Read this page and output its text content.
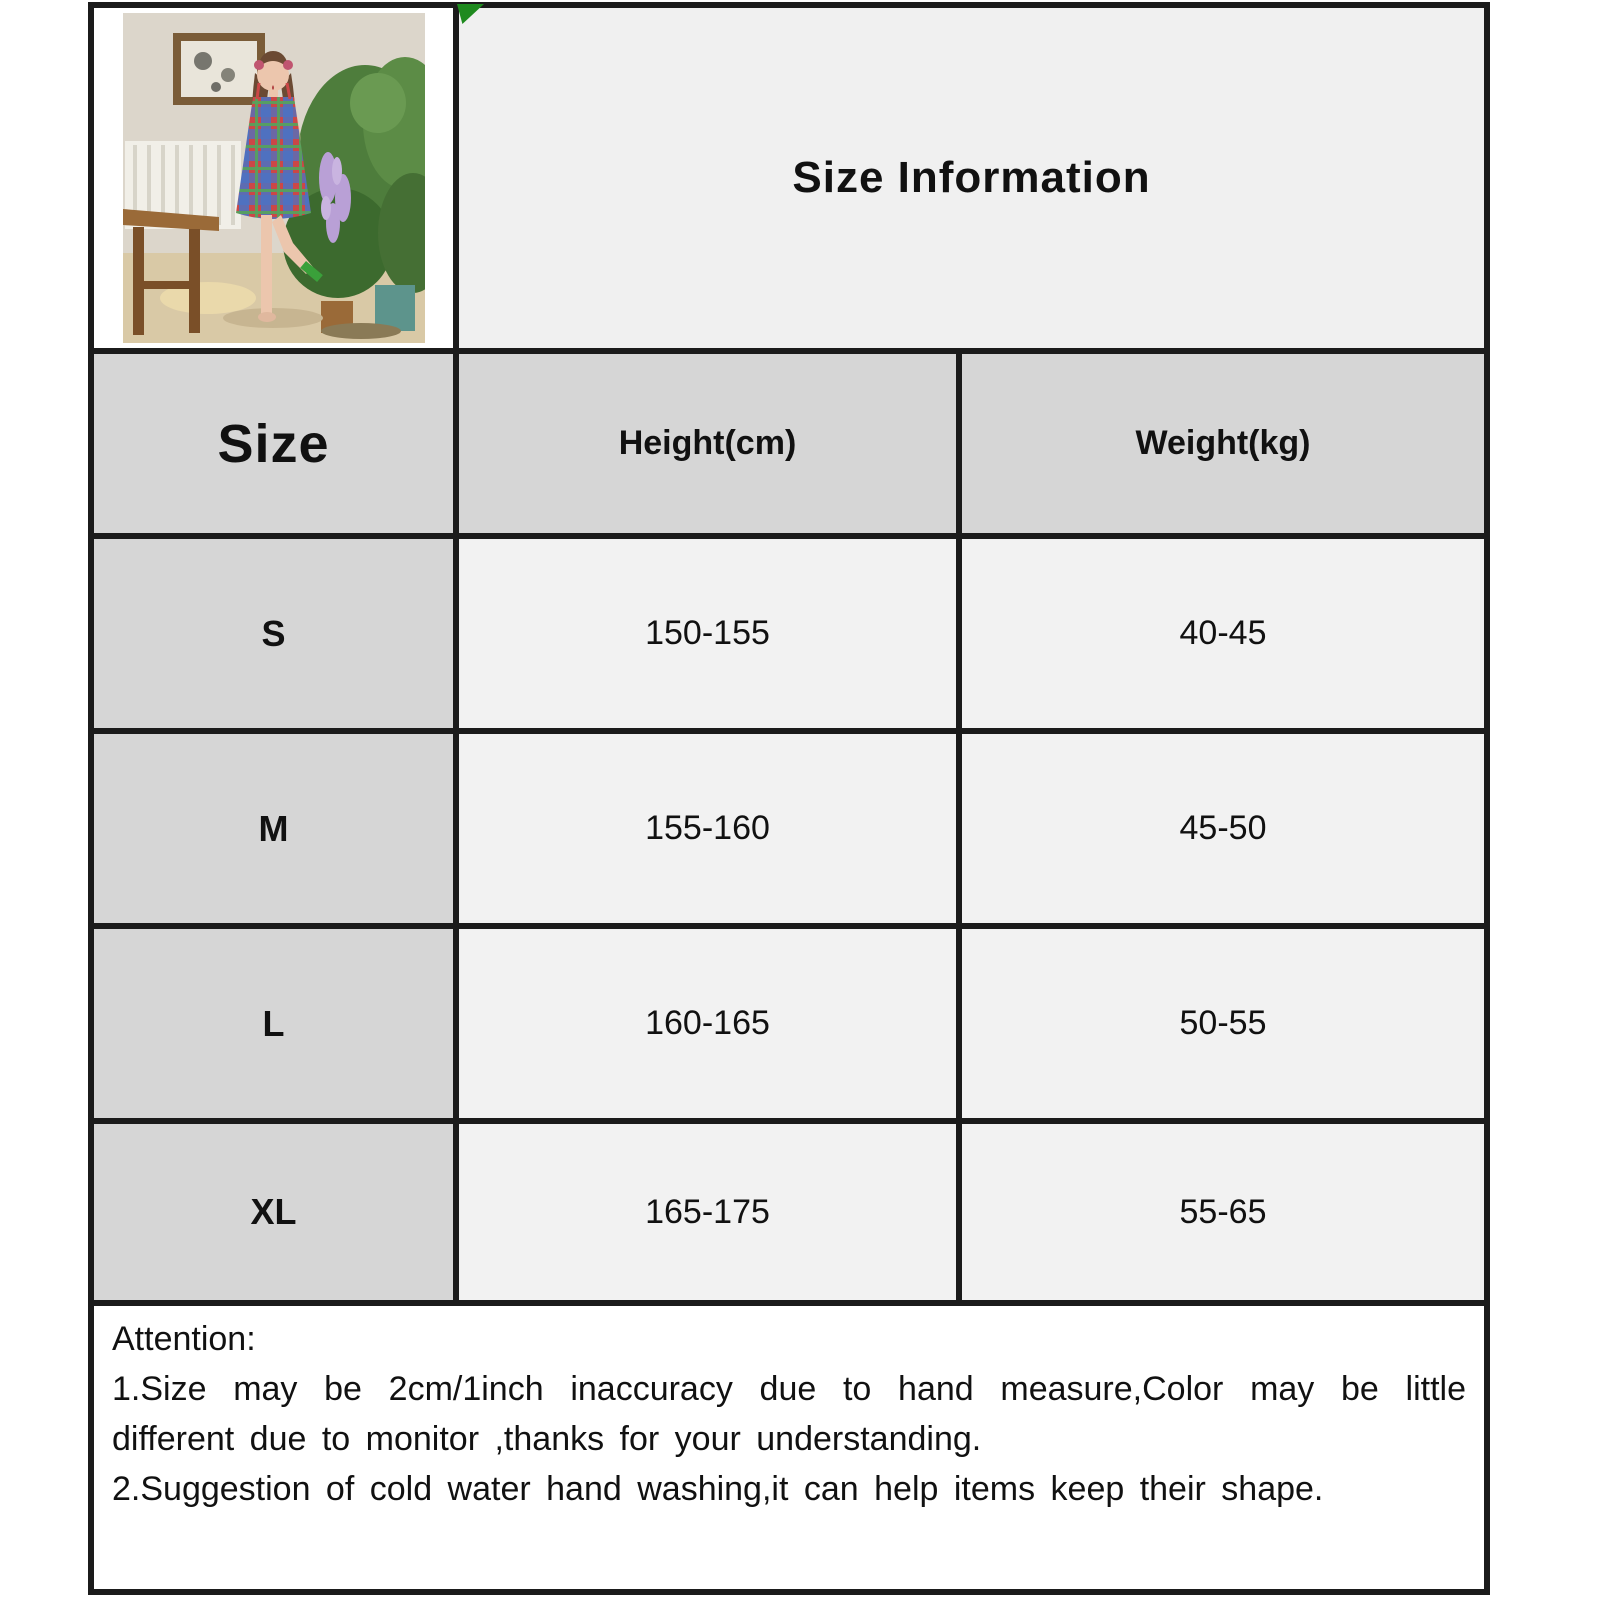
Size Information
Size	Height(cm)	Weight(kg)
S	150-155	40-45
M	155-160	45-50
L	160-165	50-55
XL	165-175	55-65
Attention:
1.Size may be 2cm/1inch inaccuracy due to hand measure,Color may be little
different due to monitor ,thanks for your understanding.
2.Suggestion of cold water hand washing,it can help items keep their shape.
